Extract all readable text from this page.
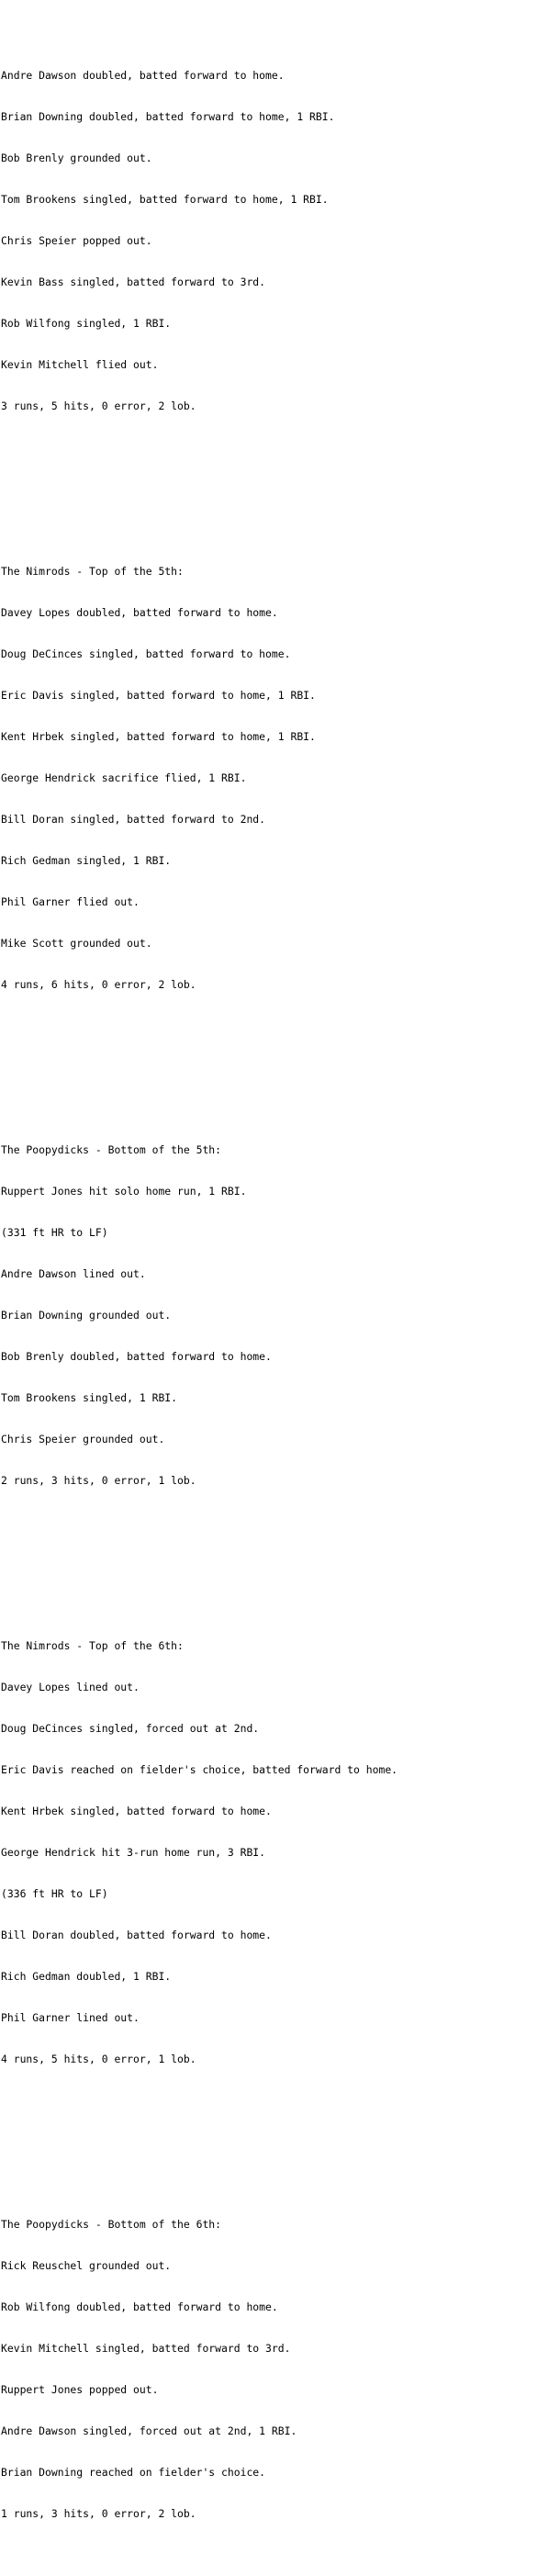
Andre Dawson doubled, batted forward to home.

Brian Downing doubled, batted forward to home, 1 RBI.

Bob Brenly grounded out.

Tom Brookens singled, batted forward to home, 1 RBI.

Chris Speier popped out.

Kevin Bass singled, batted forward to 3rd.

Rob Wilfong singled, 1 RBI.

Kevin Mitchell flied out.

3 runs, 5 hits, 0 error, 2 lob.

The Nimrods - Top of the 5th:

Davey Lopes doubled, batted forward to home.

Doug DeCinces singled, batted forward to home.

Eric Davis singled, batted forward to home, 1 RBI.

Kent Hrbek singled, batted forward to home, 1 RBI.

George Hendrick sacrifice flied, 1 RBI.

Bill Doran singled, batted forward to 2nd.

Rich Gedman singled, 1 RBI.

Phil Garner flied out.

Mike Scott grounded out.

4 runs, 6 hits, 0 error, 2 lob.

The Poopydicks - Bottom of the 5th:

Ruppert Jones hit solo home run, 1 RBI.

(331 ft HR to LF)

Andre Dawson lined out.

Brian Downing grounded out.

Bob Brenly doubled, batted forward to home.

Tom Brookens singled, 1 RBI.

Chris Speier grounded out.

2 runs, 3 hits, 0 error, 1 lob.

The Nimrods - Top of the 6th:

Davey Lopes lined out.

Doug DeCinces singled, forced out at 2nd.

Eric Davis reached on fielder's choice, batted forward to home.

Kent Hrbek singled, batted forward to home.

George Hendrick hit 3-run home run, 3 RBI.

(336 ft HR to LF)

Bill Doran doubled, batted forward to home.

Rich Gedman doubled, 1 RBI.

Phil Garner lined out.

4 runs, 5 hits, 0 error, 1 lob.

The Poopydicks - Bottom of the 6th:

Rick Reuschel grounded out.

Rob Wilfong doubled, batted forward to home.

Kevin Mitchell singled, batted forward to 3rd.

Ruppert Jones popped out.

Andre Dawson singled, forced out at 2nd, 1 RBI.

Brian Downing reached on fielder's choice.

1 runs, 3 hits, 0 error, 2 lob.
